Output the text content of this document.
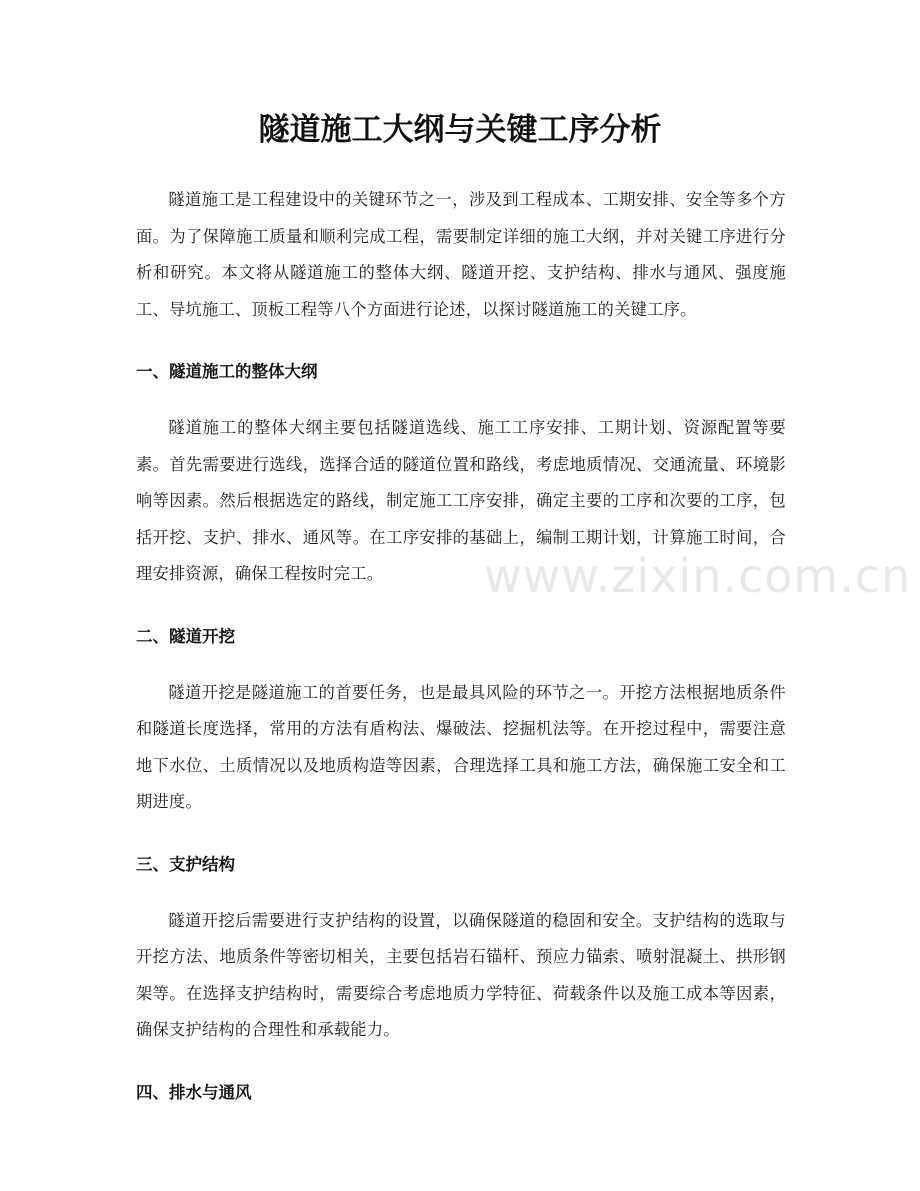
隧道施工大纲与关键工序分析

隧道施工是工程建设中的关键环节之一，涉及到工程成本、工期安排、安全等多个方面。为了保障施工质量和顺利完成工程，需要制定详细的施工大纲，并对关键工序进行分析和研究。本文将从隧道施工的整体大纲、隧道开挖、支护结构、排水与通风、强度施工、导坑施工、顶板工程等八个方面进行论述，以探讨隧道施工的关键工序。

一、隧道施工的整体大纲

隧道施工的整体大纲主要包括隧道选线、施工工序安排、工期计划、资源配置等要素。首先需要进行选线，选择合适的隧道位置和路线，考虑地质情况、交通流量、环境影响等因素。然后根据选定的路线，制定施工工序安排，确定主要的工序和次要的工序，包括开挖、支护、排水、通风等。在工序安排的基础上，编制工期计划，计算施工时间，合理安排资源，确保工程按时完工。

二、隧道开挖

隧道开挖是隧道施工的首要任务，也是最具风险的环节之一。开挖方法根据地质条件和隧道长度选择，常用的方法有盾构法、爆破法、挖掘机法等。在开挖过程中，需要注意地下水位、土质情况以及地质构造等因素，合理选择工具和施工方法，确保施工安全和工期进度。

三、支护结构

隧道开挖后需要进行支护结构的设置，以确保隧道的稳固和安全。支护结构的选取与开挖方法、地质条件等密切相关，主要包括岩石锚杆、预应力锚索、喷射混凝土、拱形钢架等。在选择支护结构时，需要综合考虑地质力学特征、荷载条件以及施工成本等因素，确保支护结构的合理性和承载能力。

四、排水与通风
www.zixin.com.cn
